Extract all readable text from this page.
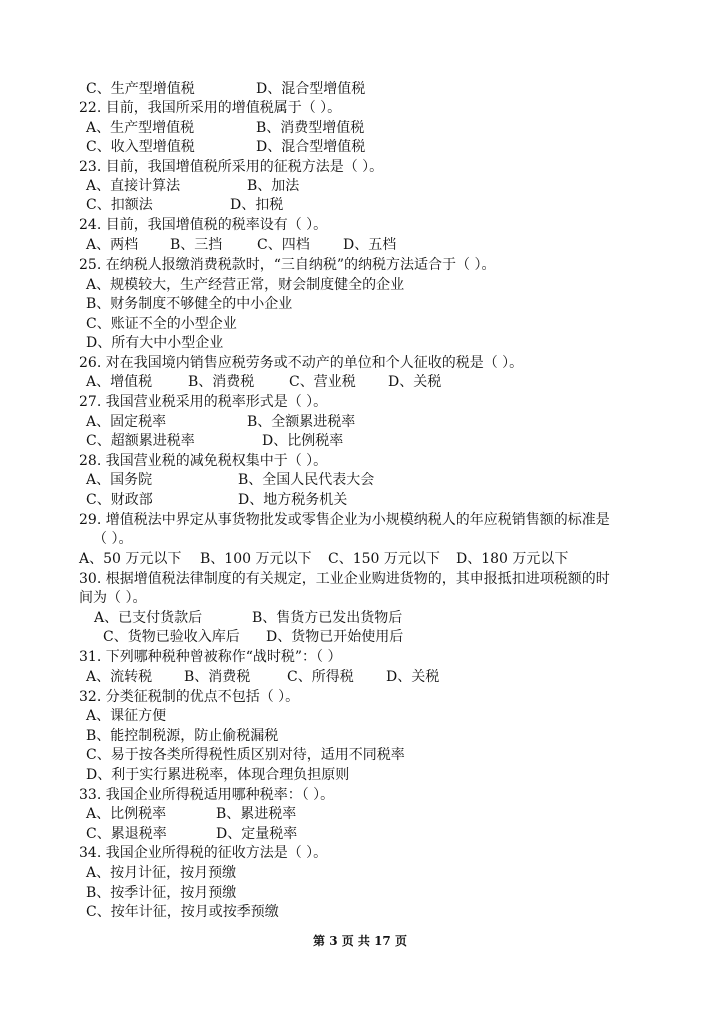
C、生产型增值税	D、混合型增值税
22. 目前，我国所采用的增值税属于（ ）。
A、生产型增值税	B、消费型增值税
C、收入型增值税	D、混合型增值税
23. 目前，我国增值税所采用的征税方法是（ ）。
A、直接计算法	B、加法
C、扣额法	D、扣税
24. 目前，我国增值税的税率设有（ ）。
A、两档 B、三挡 C、四档 D、五档
25. 在纳税人报缴消费税款时，“三自纳税”的纳税方法适合于（ ）。
A、规模较大，生产经营正常，财会制度健全的企业
B、财务制度不够健全的中小企业
C、账证不全的小型企业
D、所有大中小型企业
26. 对在我国境内销售应税劳务或不动产的单位和个人征收的税是（ ）。
A、增值税	B、消费税 C、营业税 D、关税
27. 我国营业税采用的税率形式是（ ）。
A、固定税率	B、全额累进税率
C、超额累进税率	D、比例税率
28. 我国营业税的减免税权集中于（ ）。
A、国务院	B、全国人民代表大会
C、财政部	D、地方税务机关
29. 增值税法中界定从事货物批发或零售企业为小规模纳税人的年应税销售额的标准是
（ ）。
A、50 万元以下 B、100 万元以下 C、150 万元以下 D、180 万元以下
30. 根据增值税法律制度的有关规定，工业企业购进货物的，其申报抵扣进项税额的时
间为（ ）。
A、已支付货款后	B、售货方已发出货物后
C、货物已验收入库后 D、货物已开始使用后
31. 下列哪种税种曾被称作“战时税”：（ ）
A、流转税 B、消费税	C、所得税 D、关税
32. 分类征税制的优点不包括（ ）。
A、课征方便
B、能控制税源，防止偷税漏税
C、易于按各类所得税性质区别对待，适用不同税率
D、利于实行累进税率，体现合理负担原则
33. 我国企业所得税适用哪种税率：（ ）。
A、比例税率	B、累进税率
C、累退税率	D、定量税率
34. 我国企业所得税的征收方法是（ ）。
A、按月计征，按月预缴
B、按季计征，按月预缴
C、按年计征，按月或按季预缴
第 3 页 共 17 页
